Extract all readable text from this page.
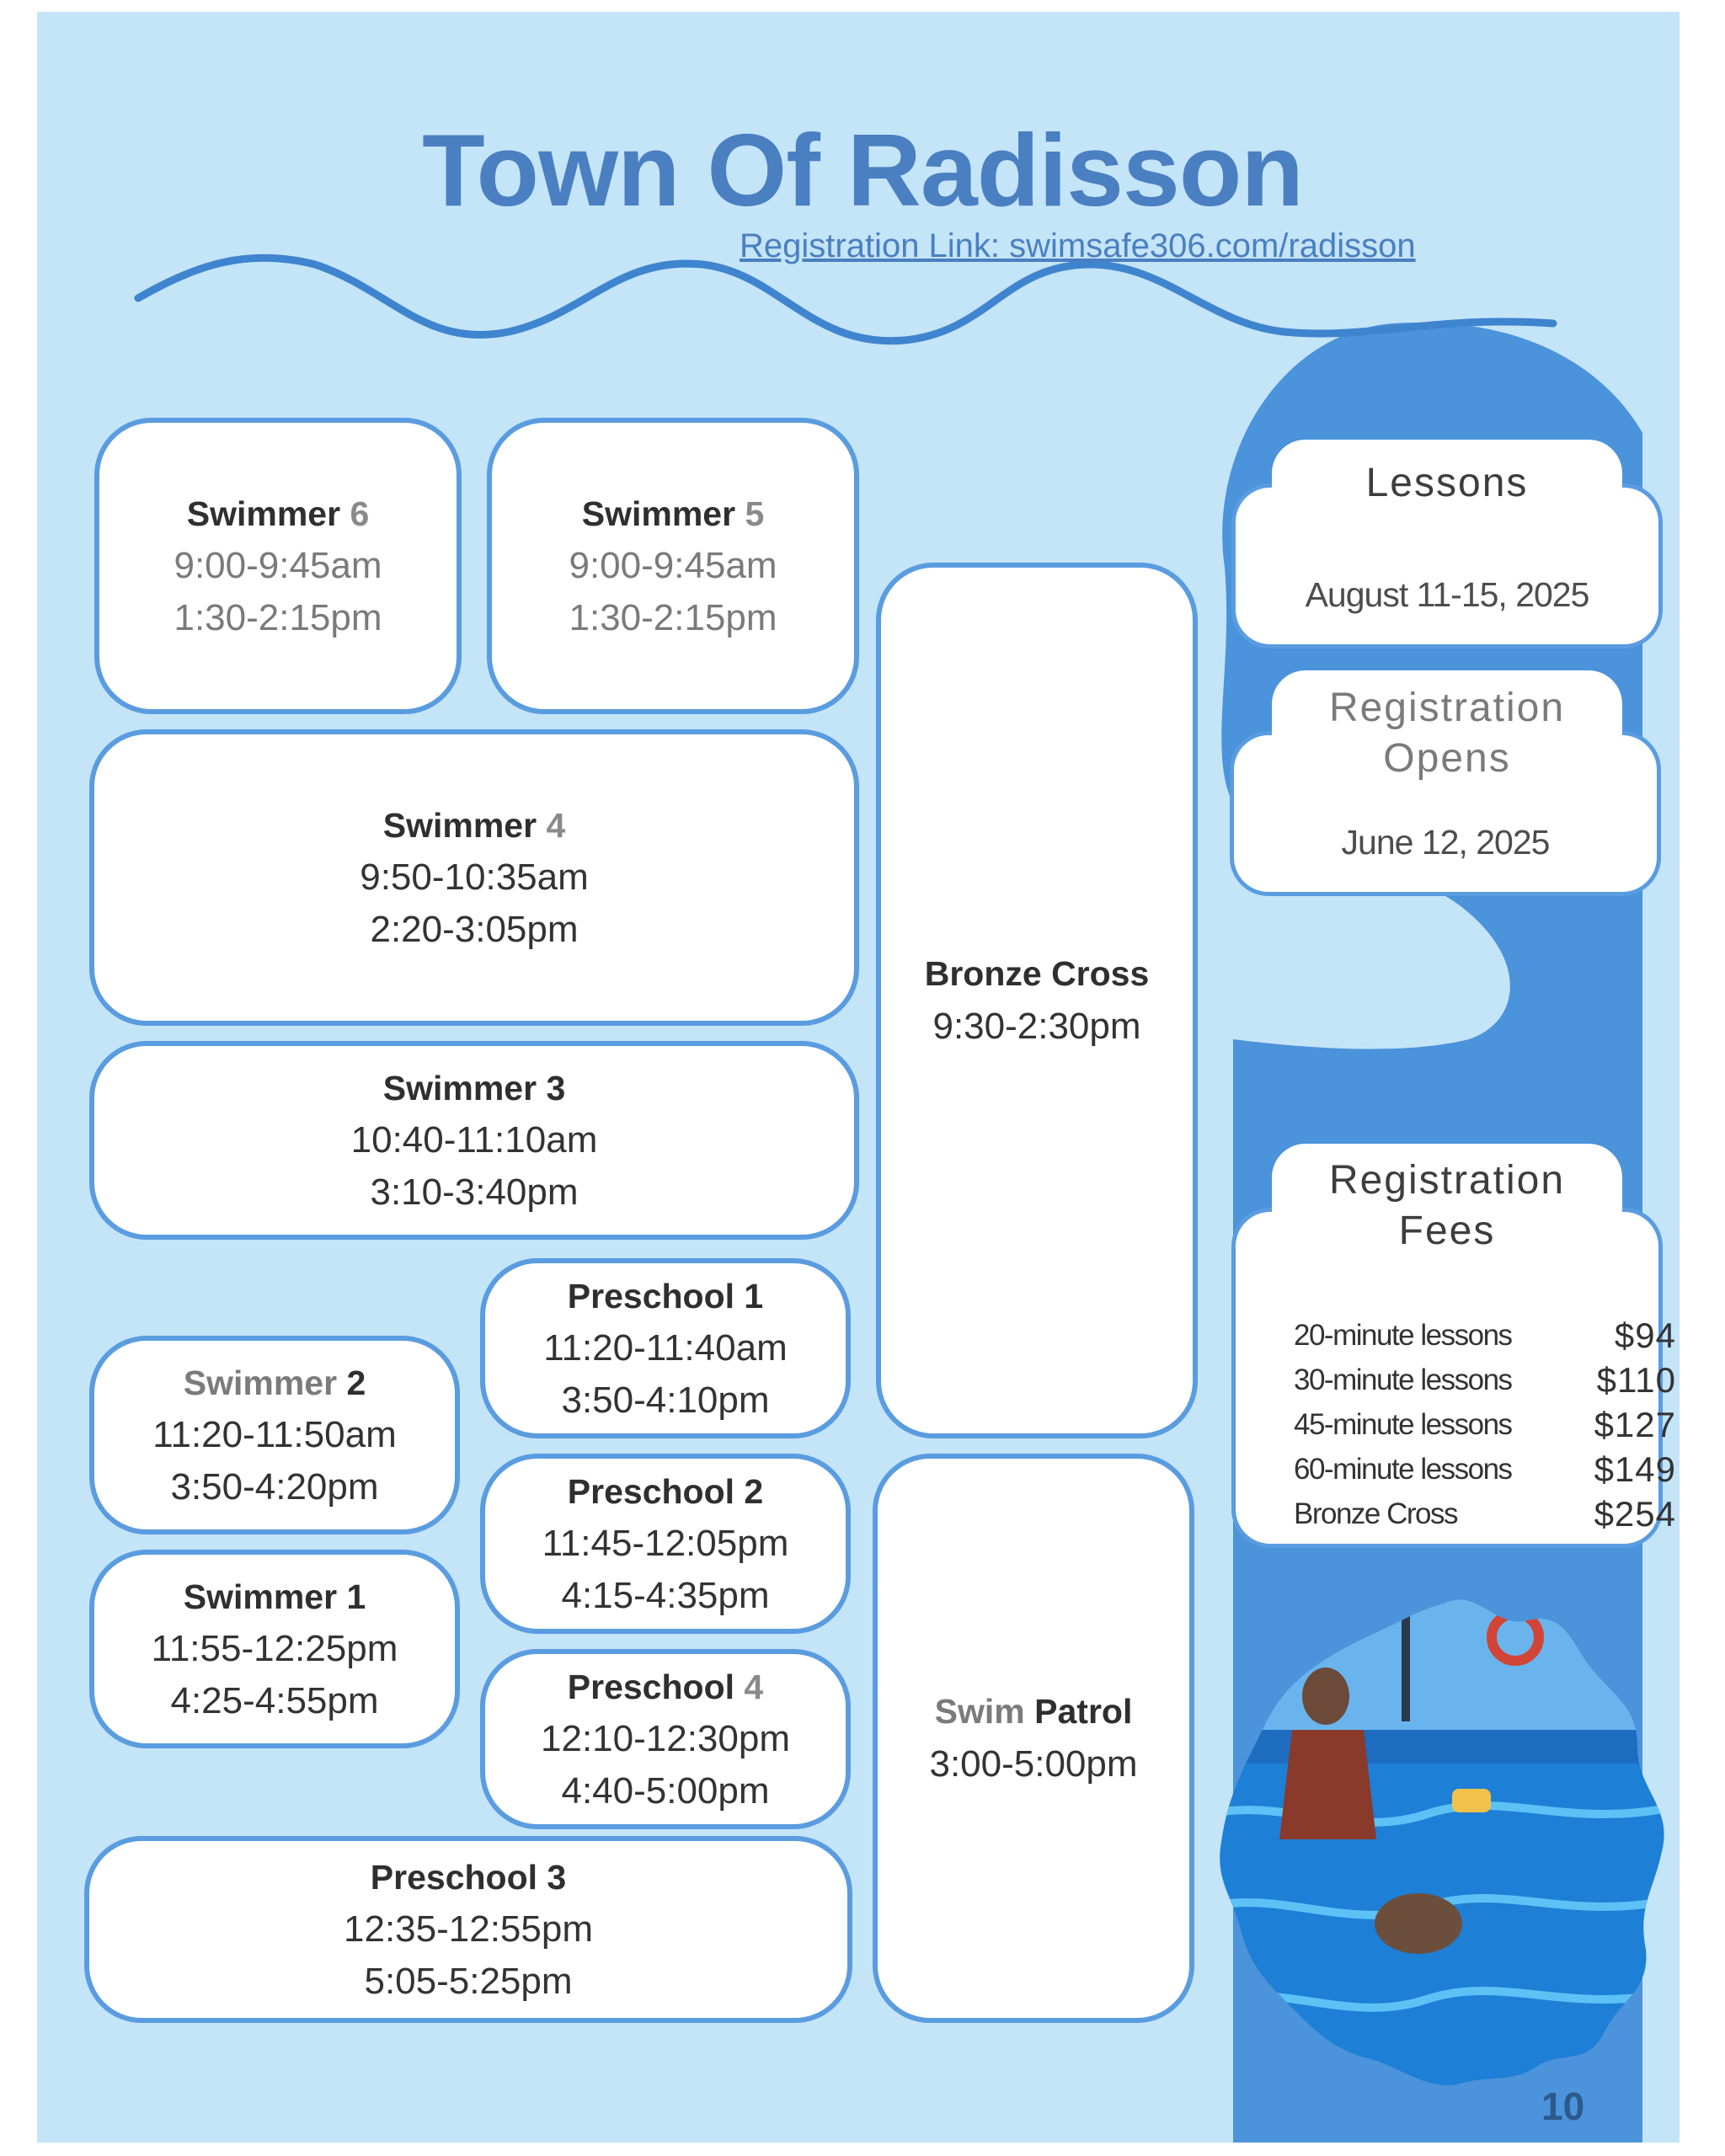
Town Of Radisson
Registration Link: swimsafe306.com/radisson
Swimmer 6
9:00-9:45am
1:30-2:15pm
Swimmer 5
9:00-9:45am
1:30-2:15pm
Swimmer 4
9:50-10:35am
2:20-3:05pm
Swimmer 3
10:40-11:10am
3:10-3:40pm
Swimmer 2
11:20-11:50am
3:50-4:20pm
Swimmer 1
11:55-12:25pm
4:25-4:55pm
Preschool 1
11:20-11:40am
3:50-4:10pm
Preschool 2
11:45-12:05pm
4:15-4:35pm
Preschool 4
12:10-12:30pm
4:40-5:00pm
Preschool 3
12:35-12:55pm
5:05-5:25pm
Bronze Cross
9:30-2:30pm
Swim Patrol
3:00-5:00pm
August 11-15, 2025
Lessons
June 12, 2025
Registration
Opens
Registration
Fees
20-minute lessons	$94
30-minute lessons $110
45-minute lessons $127
60-minute lessons $149
Bronze Cross	$254
10
